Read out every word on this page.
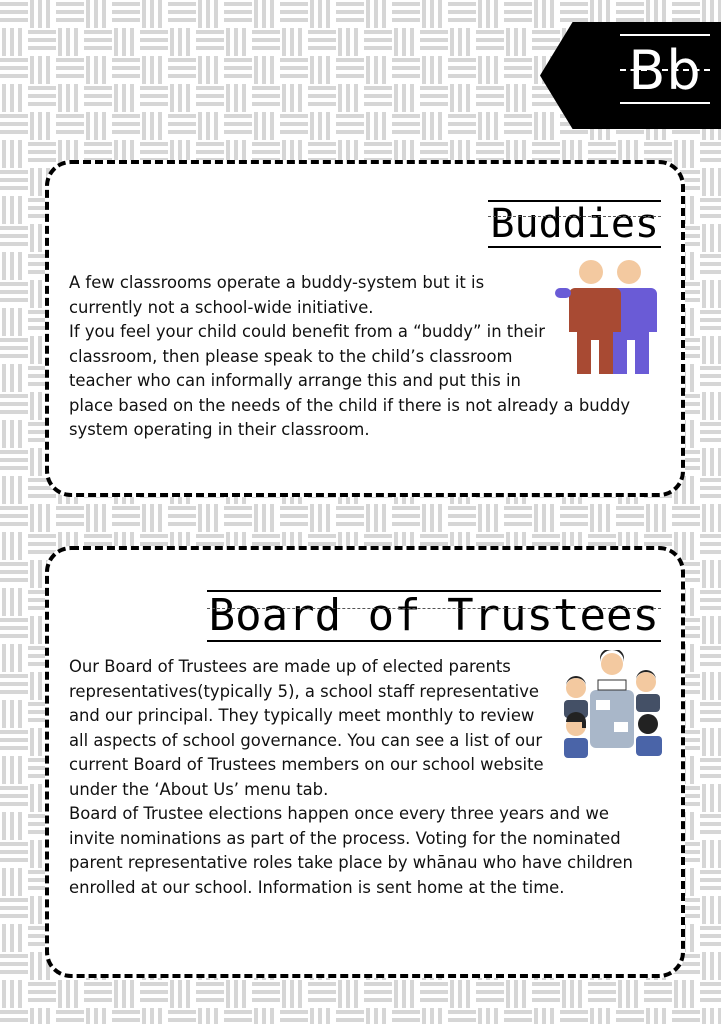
Bb
Buddies

A few classrooms operate a buddy-system but it is currently not a school-wide initiative.

If you feel your child could benefit from a “buddy” in their classroom, then please speak to the child’s classroom teacher who can informally arrange this and put this in place based on the needs of the child if there is not already a buddy system operating in their classroom.

Board of Trustees

Our Board of Trustees are made up of elected parents representatives(typically 5), a school staff representative and our principal. They typically meet monthly to review all aspects of school governance. You can see a list of our current Board of Trustees members on our school website under the ‘About Us’ menu tab.

Board of Trustee elections happen once every three years and we invite nominations as part of the process. Voting for the nominated parent representative roles take place by whānau who have children enrolled at our school. Information is sent home at the time.
